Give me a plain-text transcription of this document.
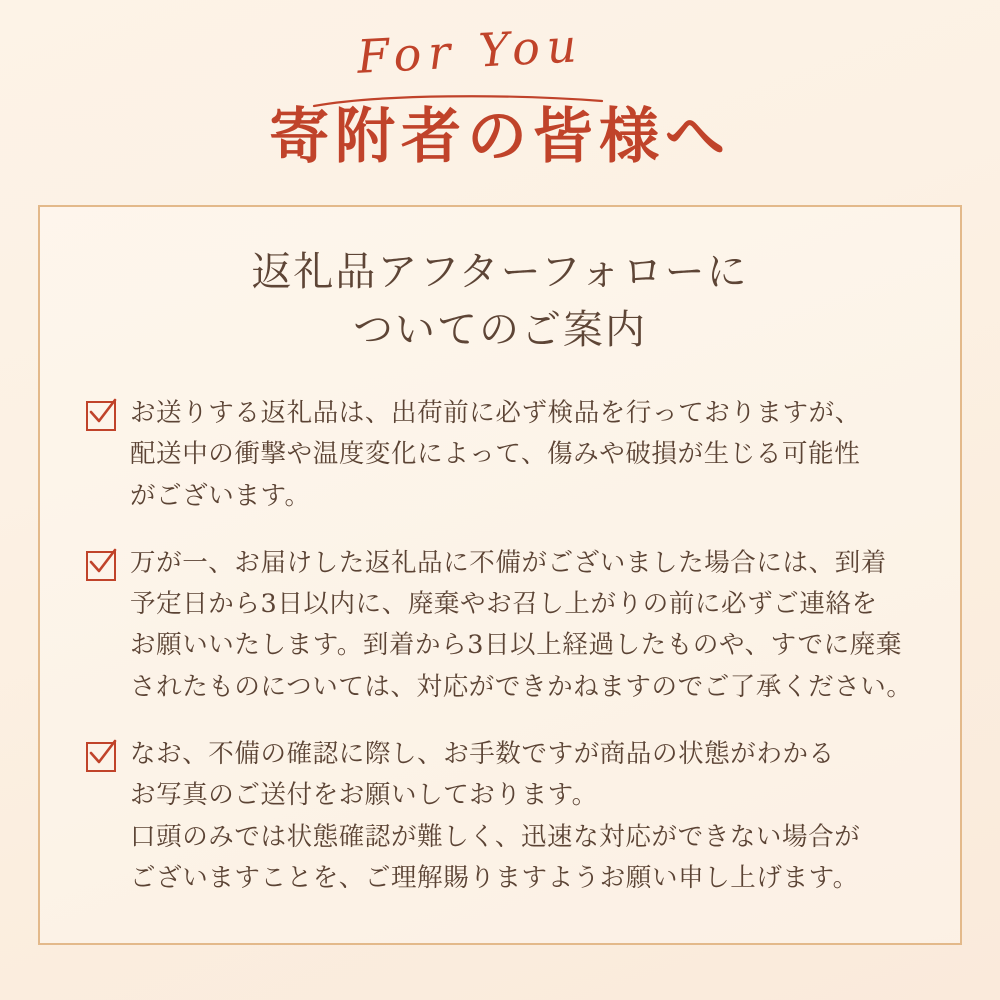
For You
寄附者の皆様へ
返礼品アフターフォローに
ついてのご案内
お送りする返礼品は、出荷前に必ず検品を行っておりますが、
配送中の衝撃や温度変化によって、傷みや破損が生じる可能性
がございます。
万が一、お届けした返礼品に不備がございました場合には、到着
予定日から3日以内に、廃棄やお召し上がりの前に必ずご連絡を
お願いいたします。到着から3日以上経過したものや、すでに廃棄
されたものについては、対応ができかねますのでご了承ください。
なお、不備の確認に際し、お手数ですが商品の状態がわかる
お写真のご送付をお願いしております。
口頭のみでは状態確認が難しく、迅速な対応ができない場合が
ございますことを、ご理解賜りますようお願い申し上げます。
